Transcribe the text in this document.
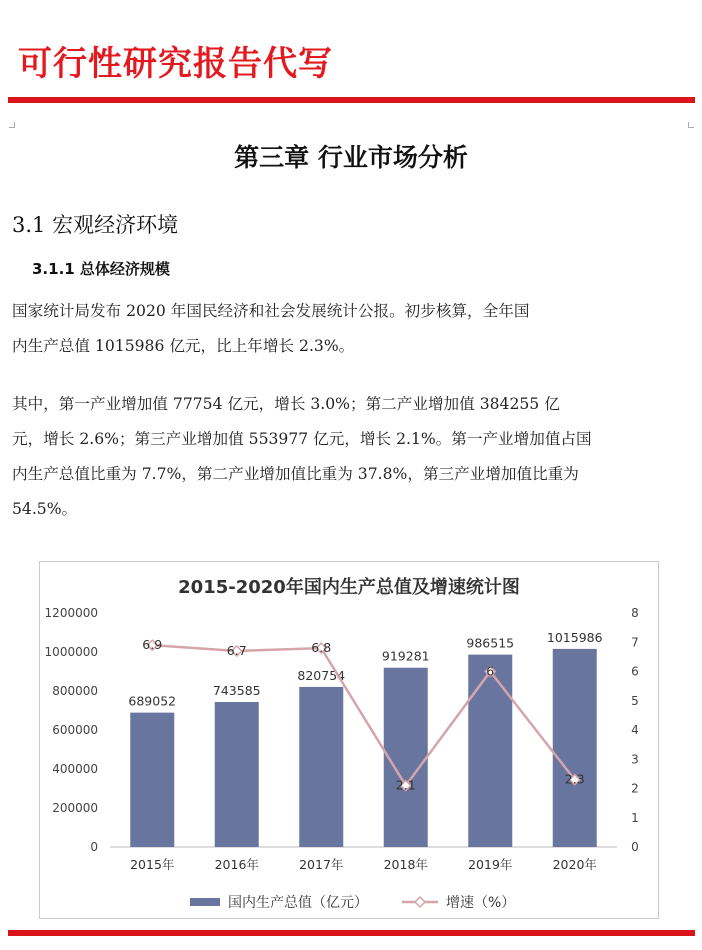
可行性研究报告代写
第三章 行业市场分析
3.1 宏观经济环境
3.1.1 总体经济规模
国家统计局发布 2020 年国民经济和社会发展统计公报。初步核算，全年国
内生产总值 1015986 亿元，比上年增长 2.3%。
其中，第一产业增加值 77754 亿元，增长 3.0%；第二产业增加值 384255 亿
元，增长 2.6%；第三产业增加值 553977 亿元，增长 2.1%。第一产业增加值占国
内生产总值比重为 7.7%，第二产业增加值比重为 37.8%，第三产业增加值比重为
54.5%。
2015-2020年国内生产总值及增速统计图
0
200000
400000
600000
800000
1000000
1200000
0
1
2
3
4
5
6
7
8
689052
743585
820754
919281
986515	1015986
6.9	6.7	6.8
2.1
6
2.3
2015年	2016年	2017年	2018年	2019年	2020年
国内生产总值（亿元）	增速（%）
